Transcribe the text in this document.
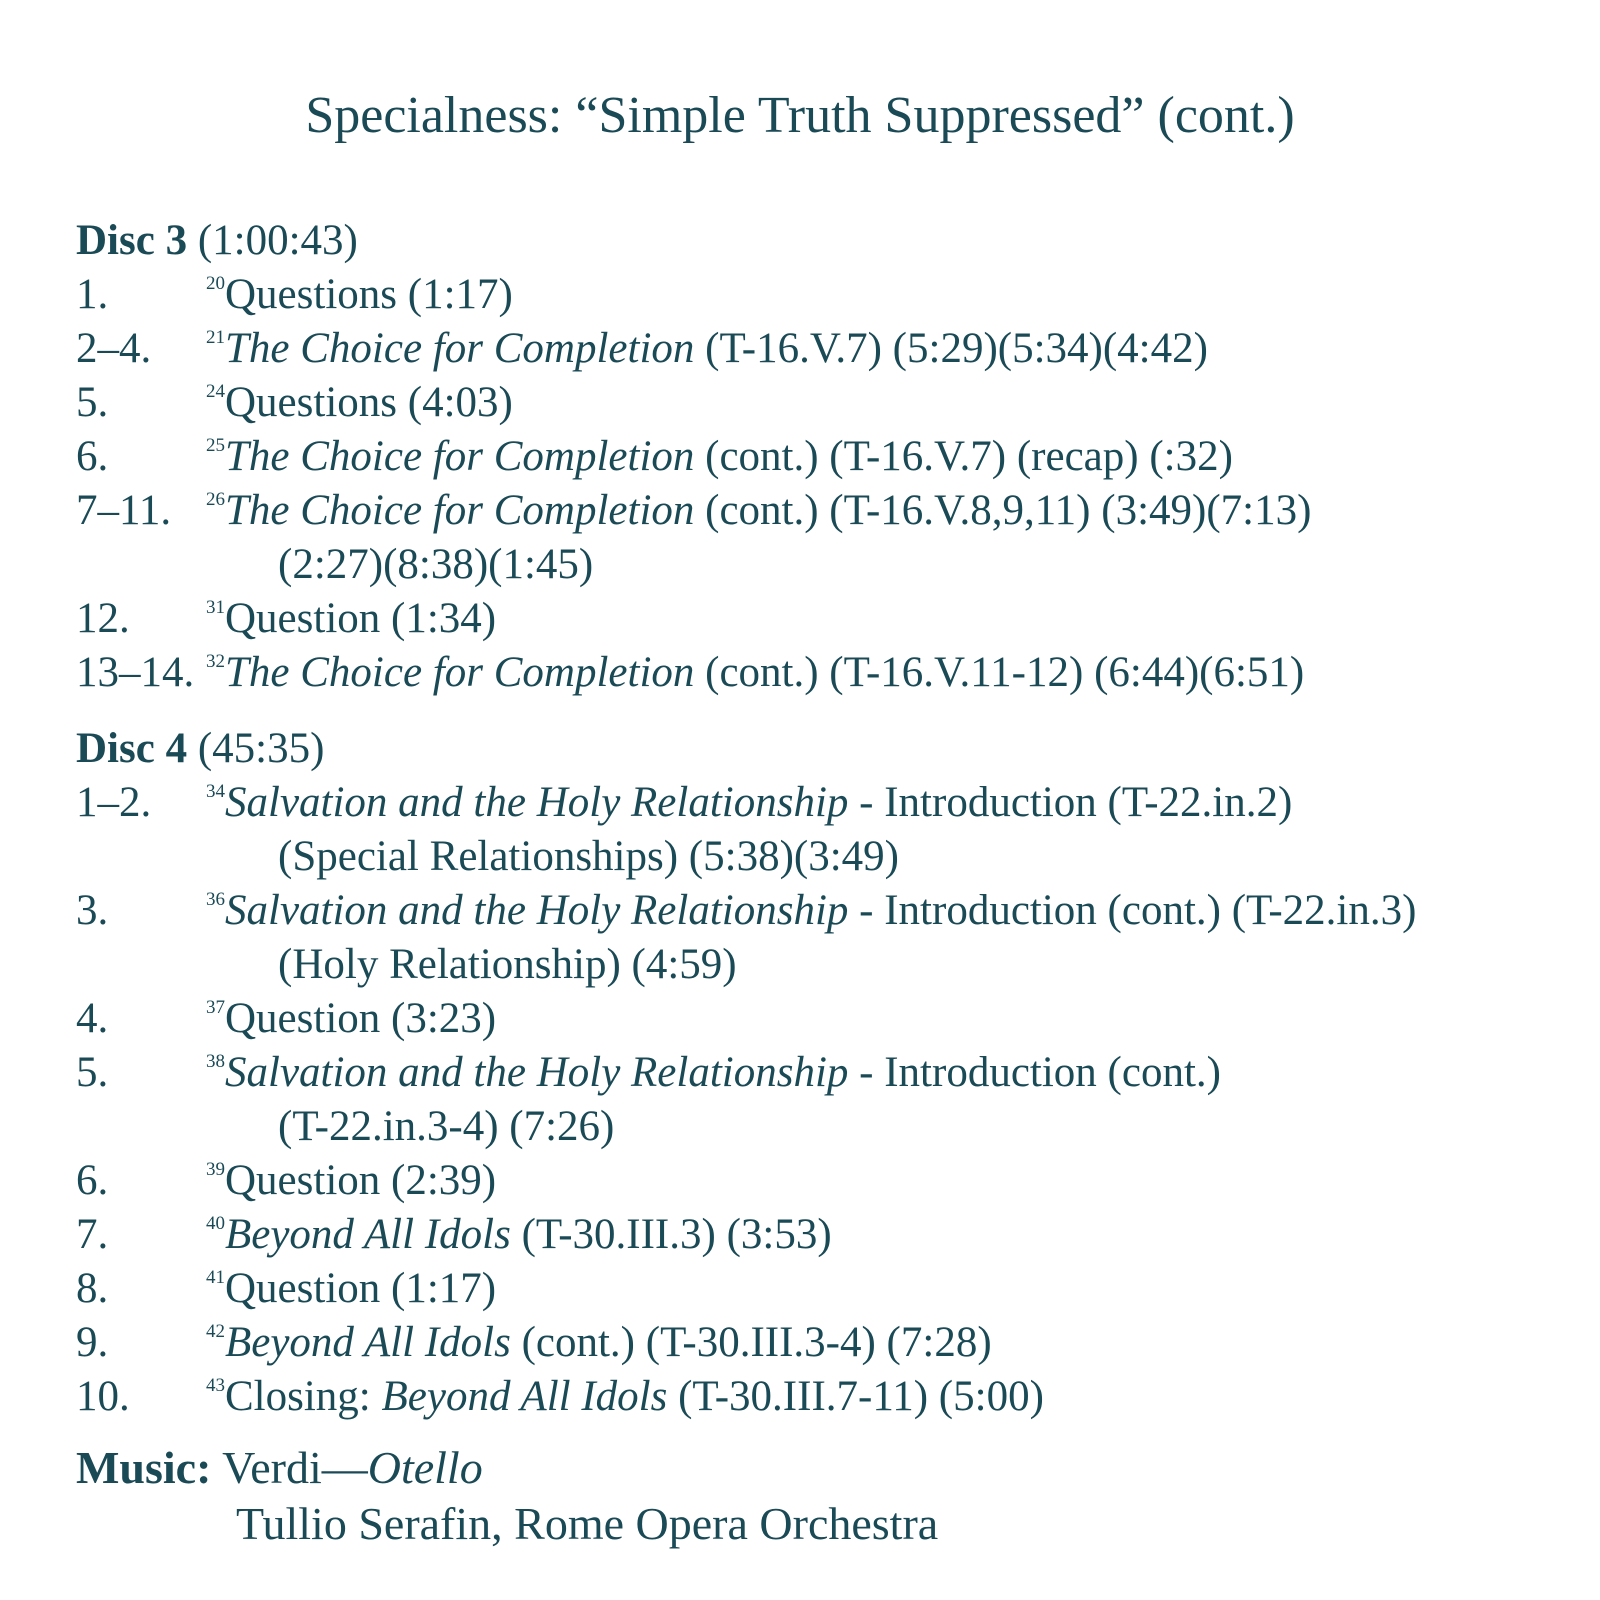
Specialness: “Simple Truth Suppressed” (cont.)
Disc 3 (1:00:43)
1.	$^{20}$Questions (1:17)
2–4.	$^{21}$The Choice for Completion (T-16.V.7) (5:29)(5:34)(4:42)
5.	$^{24}$Questions (4:03)
6.	$^{25}$The Choice for Completion (cont.) (T-16.V.7) (recap) (:32)
7–11. $^{26}$The Choice for Completion (cont.) (T-16.V.8,9,11) (3:49)(7:13)
(2:27)(8:38)(1:45)
12.	$^{31}$Question (1:34)
13–14. $^{32}$The Choice for Completion (cont.) (T-16.V.11-12) (6:44)(6:51)
Disc 4 (45:35)
1–2.	$^{34}$Salvation and the Holy Relationship - Introduction (T-22.in.2)
(Special Relationships) (5:38)(3:49)
3.	$^{36}$Salvation and the Holy Relationship - Introduction (cont.) (T-22.in.3)
(Holy Relationship) (4:59)
4.	$^{37}$Question (3:23)
5.	$^{38}$Salvation and the Holy Relationship - Introduction (cont.)
(T-22.in.3-4) (7:26)
6.	$^{39}$Question (2:39)
7.	$^{40}$Beyond All Idols (T-30.III.3) (3:53)
8.	$^{41}$Question (1:17)
9.	$^{42}$Beyond All Idols (cont.) (T-30.III.3-4) (7:28)
10.	$^{43}$Closing: Beyond All Idols (T-30.III.7-11) (5:00)
Music: Verdi—Otello
Tullio Serafin, Rome Opera Orchestra
